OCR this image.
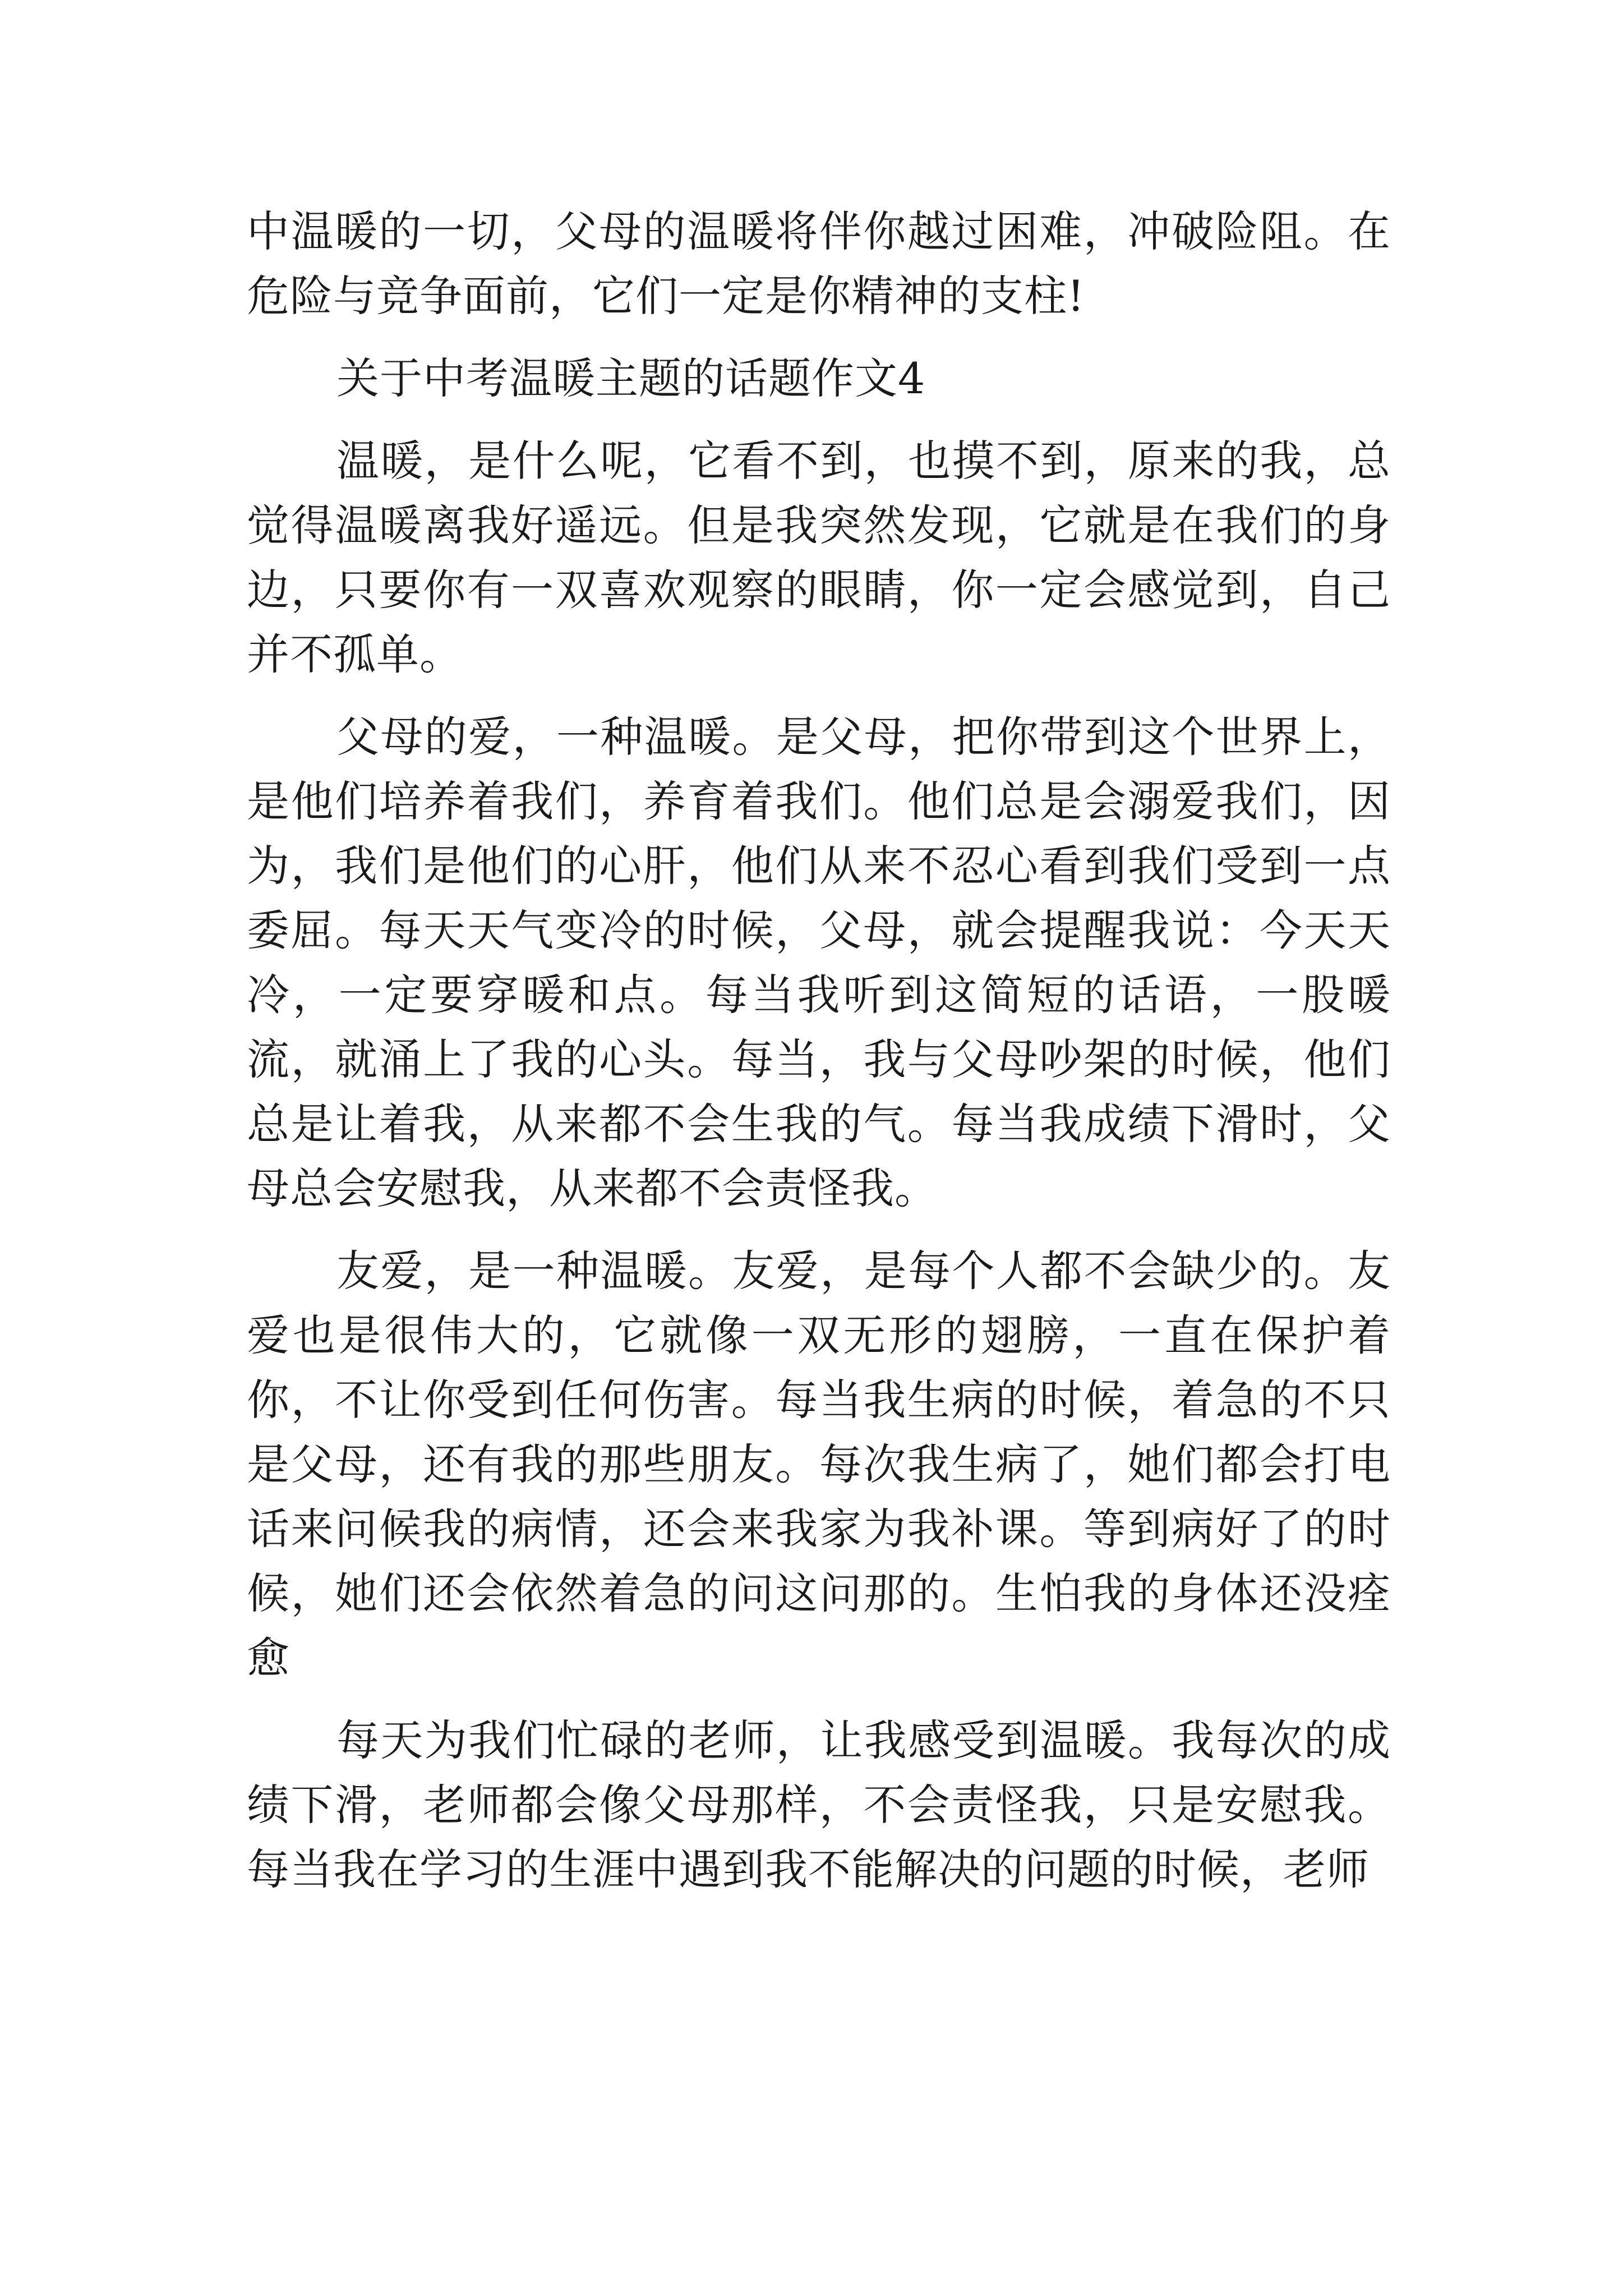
中温暖的一切，父母的温暖将伴你越过困难，冲破险阻。在危险与竞争面前，它们一定是你精神的支柱!

关于中考温暖主题的话题作文4

温暖，是什么呢，它看不到，也摸不到，原来的我，总觉得温暖离我好遥远。但是我突然发现，它就是在我们的身边，只要你有一双喜欢观察的眼睛，你一定会感觉到，自己并不孤单。

父母的爱，一种温暖。是父母，把你带到这个世界上，是他们培养着我们，养育着我们。他们总是会溺爱我们，因为，我们是他们的心肝，他们从来不忍心看到我们受到一点委屈。每天天气变冷的时候，父母，就会提醒我说：今天天冷，一定要穿暖和点。每当我听到这简短的话语，一股暖流，就涌上了我的心头。每当，我与父母吵架的时候，他们总是让着我，从来都不会生我的气。每当我成绩下滑时，父母总会安慰我，从来都不会责怪我。

友爱，是一种温暖。友爱，是每个人都不会缺少的。友爱也是很伟大的，它就像一双无形的翅膀，一直在保护着你，不让你受到任何伤害。每当我生病的时候，着急的不只是父母，还有我的那些朋友。每次我生病了，她们都会打电话来问候我的病情，还会来我家为我补课。等到病好了的时候，她们还会依然着急的问这问那的。生怕我的身体还没痊愈

每天为我们忙碌的老师，让我感受到温暖。我每次的成绩下滑，老师都会像父母那样，不会责怪我，只是安慰我。每当我在学习的生涯中遇到我不能解决的问题的时候，老师
